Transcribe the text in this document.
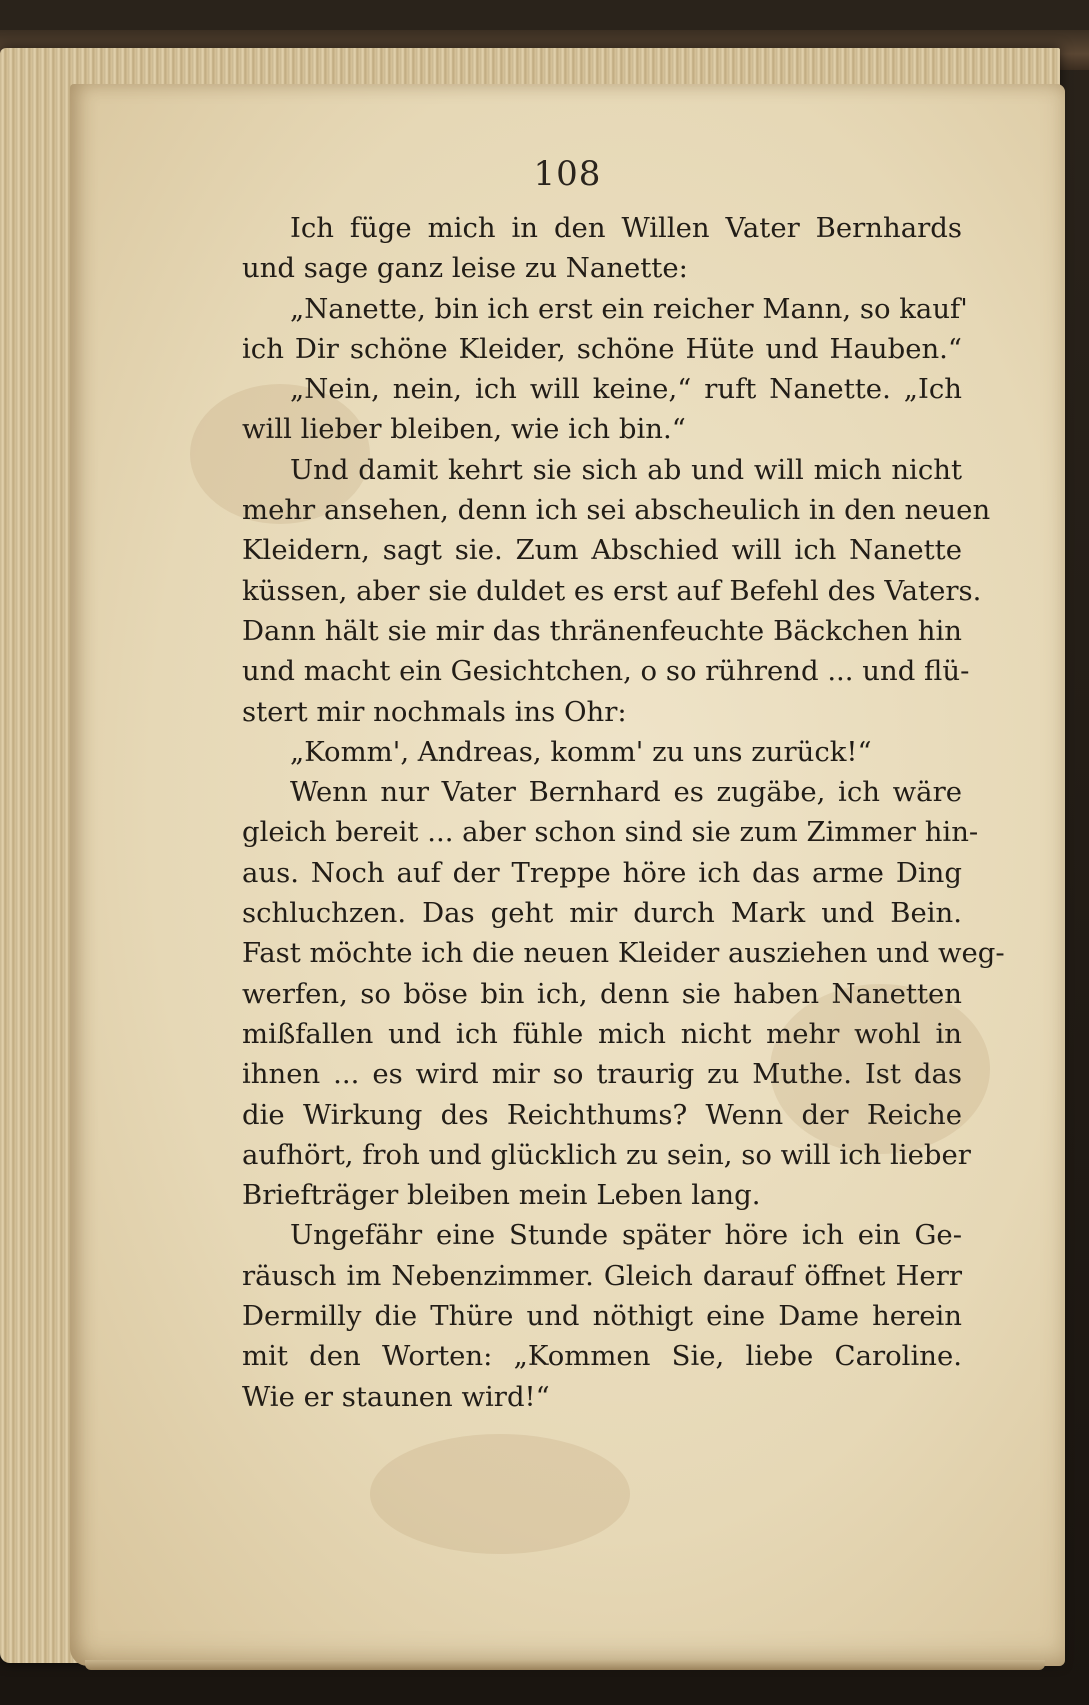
108
Ich füge mich in den Willen Vater Bernhards
und sage ganz leise zu Nanette:
„Nanette, bin ich erst ein reicher Mann, so kauf'
ich Dir schöne Kleider, schöne Hüte und Hauben.“
„Nein, nein, ich will keine,“ ruft Nanette. „Ich
will lieber bleiben, wie ich bin.“
Und damit kehrt sie sich ab und will mich nicht
mehr ansehen, denn ich sei abscheulich in den neuen
Kleidern, sagt sie. Zum Abschied will ich Nanette
küssen, aber sie duldet es erst auf Befehl des Vaters.
Dann hält sie mir das thränenfeuchte Bäckchen hin
und macht ein Gesichtchen, o so rührend ... und flü-
stert mir nochmals ins Ohr:
„Komm', Andreas, komm' zu uns zurück!“
Wenn nur Vater Bernhard es zugäbe, ich wäre
gleich bereit ... aber schon sind sie zum Zimmer hin-
aus. Noch auf der Treppe höre ich das arme Ding
schluchzen. Das geht mir durch Mark und Bein.
Fast möchte ich die neuen Kleider ausziehen und weg-
werfen, so böse bin ich, denn sie haben Nanetten
mißfallen und ich fühle mich nicht mehr wohl in
ihnen ... es wird mir so traurig zu Muthe. Ist das
die Wirkung des Reichthums? Wenn der Reiche
aufhört, froh und glücklich zu sein, so will ich lieber
Briefträger bleiben mein Leben lang.
Ungefähr eine Stunde später höre ich ein Ge-
räusch im Nebenzimmer. Gleich darauf öffnet Herr
Dermilly die Thüre und nöthigt eine Dame herein
mit den Worten: „Kommen Sie, liebe Caroline.
Wie er staunen wird!“
